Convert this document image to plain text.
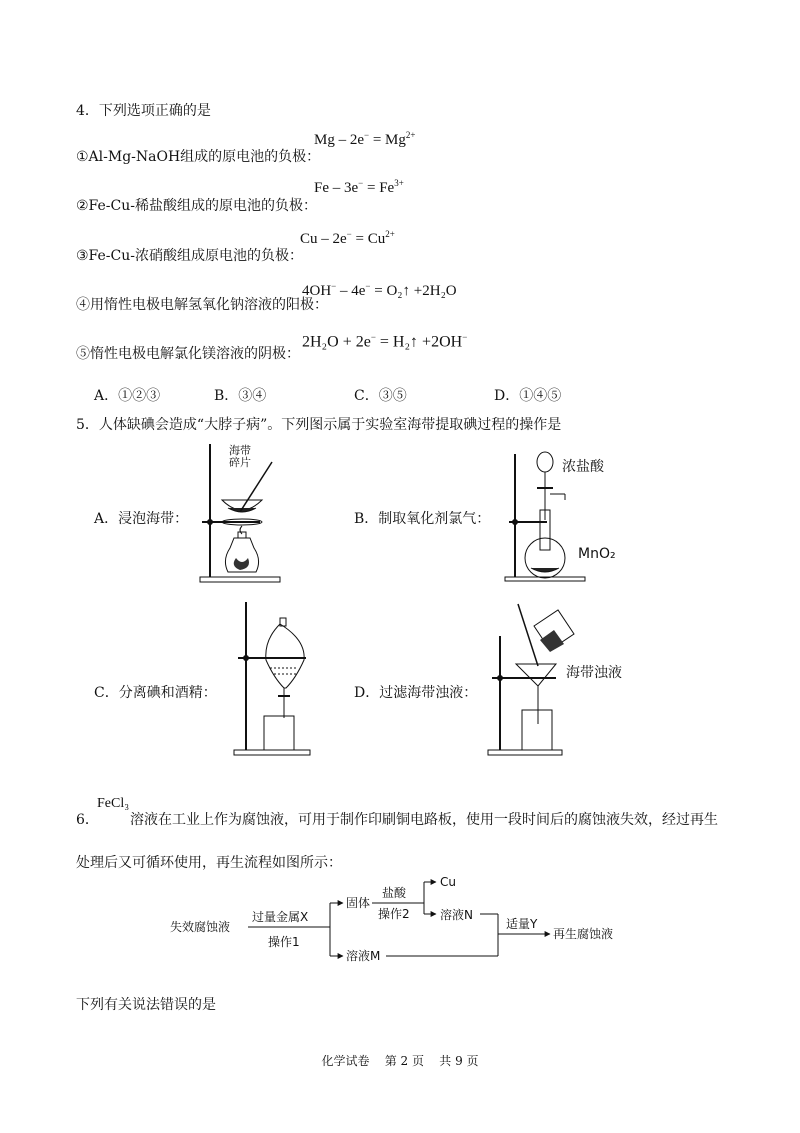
4．下列选项正确的是
①Al-Mg-NaOH组成的原电池的负极：
$Mg - 2e^- = Mg^{2+}$
②Fe-Cu-稀盐酸组成的原电池的负极：
$Fe - 3e^- = Fe^{3+}$
③Fe-Cu-浓硝酸组成原电池的负极：
$Cu - 2e^- = Cu^{2+}$
④用惰性电极电解氢氧化钠溶液的阳极：
4OH− – 4e− = O₂↑ +2H₂O
⑤惰性电极电解氯化镁溶液的阴极：
2H₂O + 2e− = H₂↑ +2OH−
A．①②③	B．③④	C．③⑤	D．①④⑤
5．人体缺碘会造成“大脖子病”。下列图示属于实验室海带提取碘过程的操作是
A．浸泡海带：	B．制取氧化剂氯气：
C．分离碘和酒精：	D．过滤海带浊液：
海带碎片	浓盐酸
MnO₂
海带浊液
FeCl₃
6． 溶液在工业上作为腐蚀液，可用于制作印刷铜电路板，使用一段时间后的腐蚀液失效，经过再生
处理后又可循环使用，再生流程如图所示：
失效腐蚀液
过量金属X
操作1
固体
盐酸
操作2
Cu
溶液N
溶液M
适量Y
再生腐蚀液
下列有关说法错误的是
化学试卷    第 2 页    共 9 页
